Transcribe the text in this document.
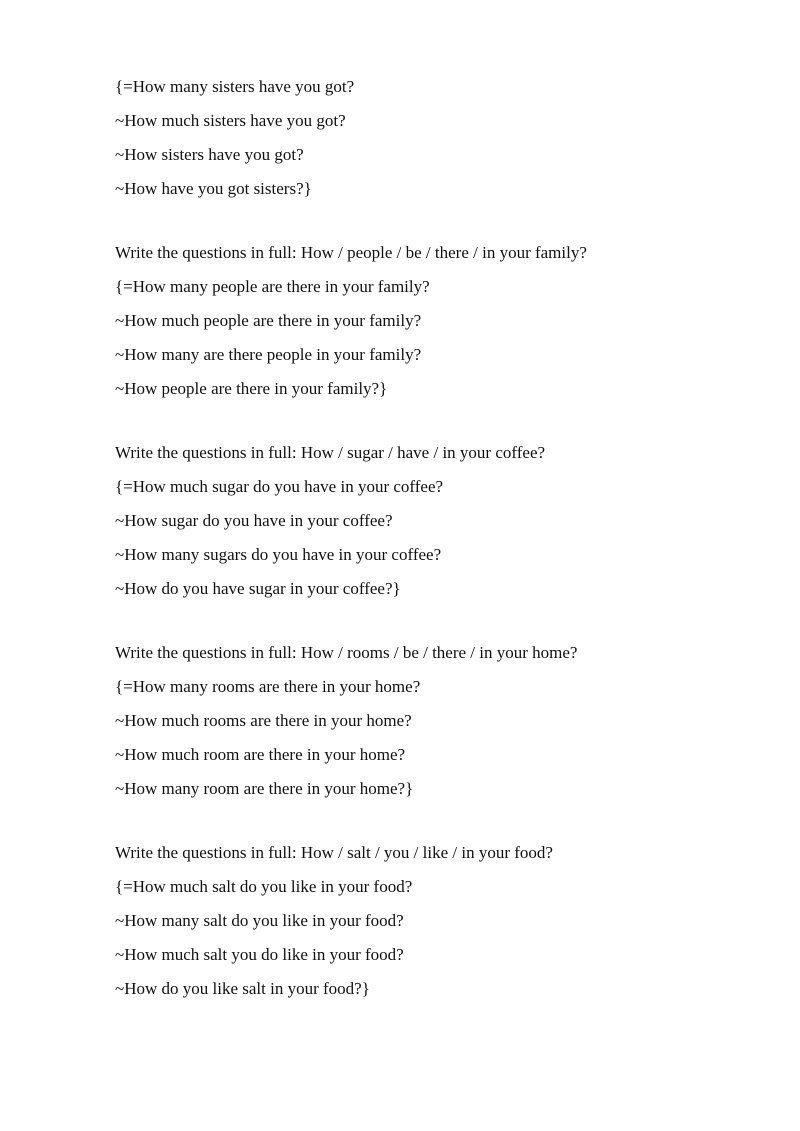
{=How many sisters have you got?
~How much sisters have you got?
~How sisters have you got?
~How have you got sisters?}
Write the questions in full: How / people / be / there / in your family?
{=How many people are there in your family?
~How much people are there in your family?
~How many are there people in your family?
~How people are there in your family?}
Write the questions in full: How / sugar / have / in your coffee?
{=How much sugar do you have in your coffee?
~How sugar do you have in your coffee?
~How many sugars do you have in your coffee?
~How do you have sugar in your coffee?}
Write the questions in full: How / rooms / be / there / in your home?
{=How many rooms are there in your home?
~How much rooms are there in your home?
~How much room are there in your home?
~How many room are there in your home?}
Write the questions in full: How / salt / you / like / in your food?
{=How much salt do you like in your food?
~How many salt do you like in your food?
~How much salt you do like in your food?
~How do you like salt in your food?}
